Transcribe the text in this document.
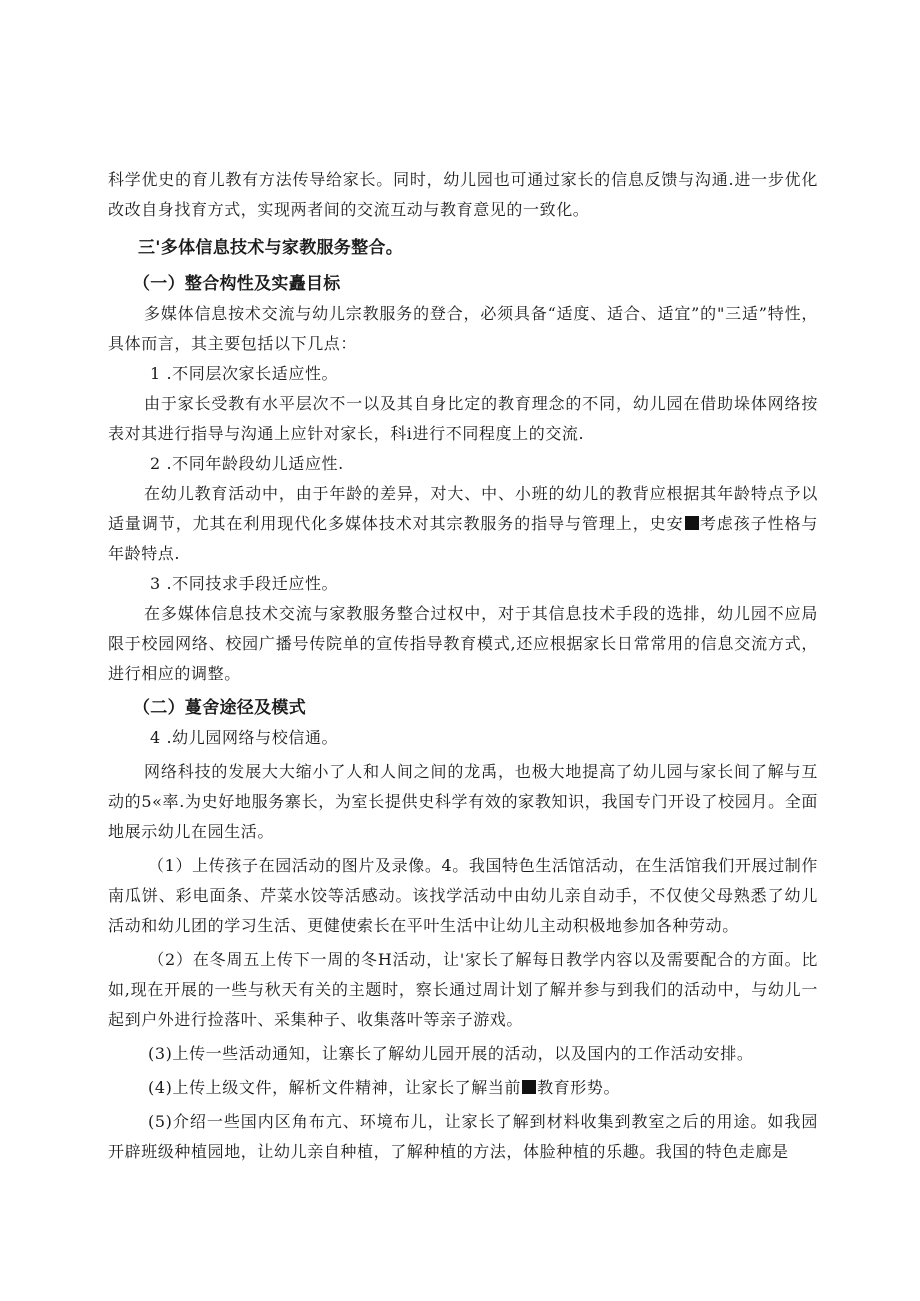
科学优史的育儿教有方法传导给家长。同时，幼儿园也可通过家长的信息反馈与沟通.进一步优化改改自身找育方式，实现两者间的交流互动与教育意见的一致化。

三'多体信息技术与家教服务整合。
（一）整合构性及实矗目标

多媒体信息按术交流与幼儿宗教服务的登合，必须具备“适度、适合、适宜”的"三适”特性，具体而言，其主要包括以下几点：

1 .不同层次家长适应性。

由于家长受教有水平层次不一以及其自身比定的教育理念的不同，幼儿园在借助垛体网络按表对其进行指导与沟通上应针对家长，科i进行不同程度上的交流.

2 .不同年龄段幼儿适应性.

在幼儿教育活动中，由于年龄的差异，对大、中、小班的幼儿的教背应根据其年龄特点予以适量调节，尤其在利用现代化多媒体技术对其宗教服务的指导与管理上，史安 考虑孩子性格与年龄特点.

3 .不同技求手段迁应性。

在多媒体信息技术交流与家教服务整合过权中，对于其信息技术手段的选排，幼儿园不应局限于校园网络、校园广播号传院单的宣传指导教育模式,还应根据家长日常常用的信息交流方式，进行相应的调整。

（二）蔓舍途径及模式

4 .幼儿园网络与校信通。

网络科技的发展大大缩小了人和人间之间的龙禹，也极大地提高了幼儿园与家长间了解与互动的5«率.为史好地服务寨长，为室长提供史科学有效的家教知识，我国专门开设了校园月。全面地展示幼儿在园生活。

（1）上传孩子在园活动的图片及录像。4。我国特色生活馆活动，在生活馆我们开展过制作南瓜饼、彩电面条、芹菜水饺等活感动。该找学活动中由幼儿亲自动手，不仅使父母熟悉了幼儿活动和幼儿团的学习生活、更健使索长在平叶生活中让幼儿主动积极地参加各种劳动。

（2）在冬周五上传下一周的冬H活动，让'家长了解每日教学内容以及需要配合的方面。比如,现在开展的一些与秋天有关的主题时，察长通过周计划了解并参与到我们的活动中，与幼儿一起到户外进行捡落叶、采集种子、收集落叶等亲子游戏。

(3)上传一些活动通知，让寨长了解幼儿园开展的活动，以及国内的工作活动安排。

(4)上传上级文件，解析文件精神，让家长了解当前 教育形势。

(5)介绍一些国内区角布亢、环境布儿，让家长了解到材料收集到教室之后的用途。如我园开辟班级种植园地，让幼儿亲自种植，了解种植的方法，体脸种植的乐趣。我国的特色走廊是
